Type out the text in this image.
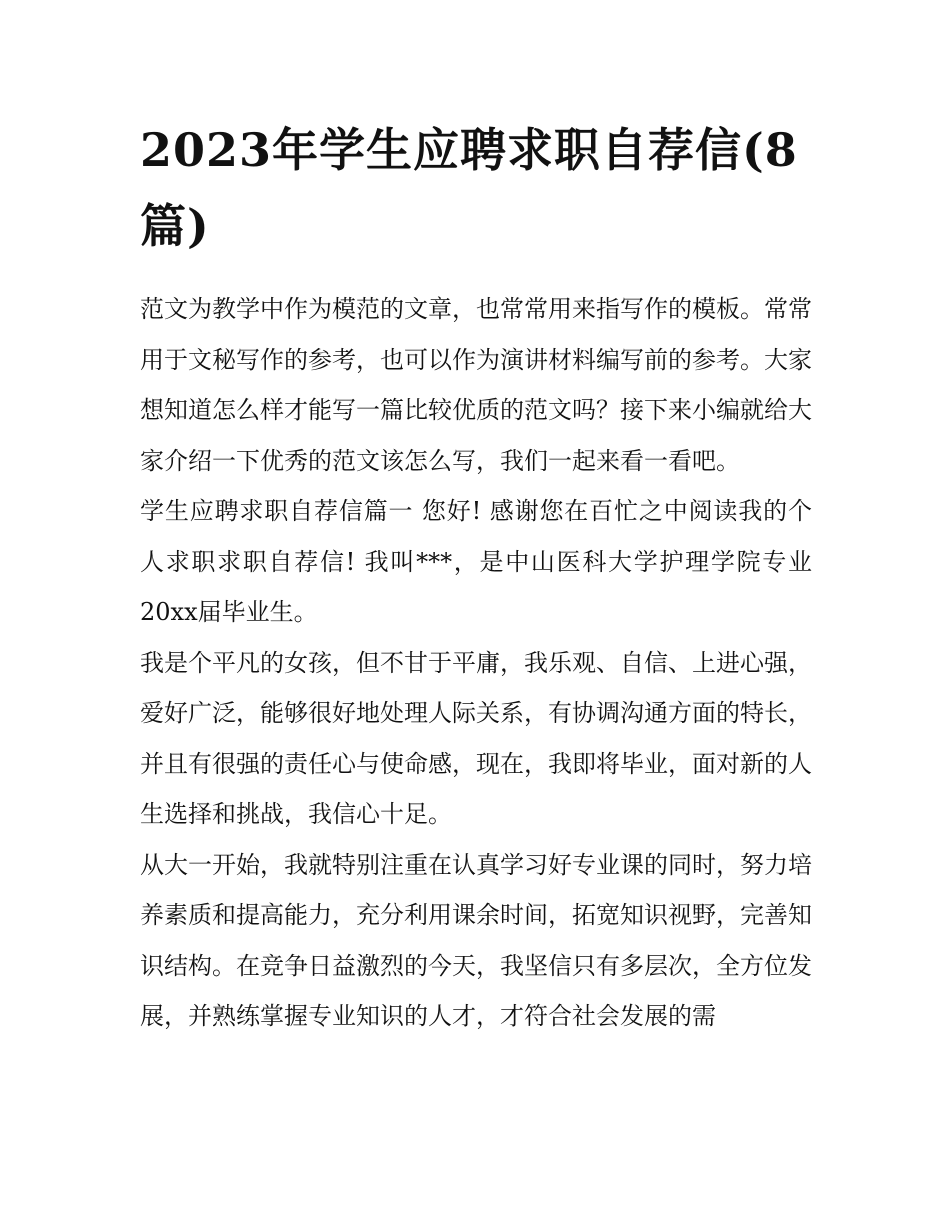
2023年学生应聘求职自荐信(8篇)

范文为教学中作为模范的文章，也常常用来指写作的模板。常常用于文秘写作的参考，也可以作为演讲材料编写前的参考。大家想知道怎么样才能写一篇比较优质的范文吗？接下来小编就给大家介绍一下优秀的范文该怎么写，我们一起来看一看吧。

学生应聘求职自荐信篇一 您好! 感谢您在百忙之中阅读我的个人求职求职自荐信! 我叫***，是中山医科大学护理学院专业20xx届毕业生。

我是个平凡的女孩，但不甘于平庸，我乐观、自信、上进心强，爱好广泛，能够很好地处理人际关系，有协调沟通方面的特长，并且有很强的责任心与使命感，现在，我即将毕业，面对新的人生选择和挑战，我信心十足。

从大一开始，我就特别注重在认真学习好专业课的同时，努力培养素质和提高能力，充分利用课余时间，拓宽知识视野，完善知识结构。在竞争日益激烈的今天，我坚信只有多层次，全方位发展，并熟练掌握专业知识的人才，才符合社会发展的需
